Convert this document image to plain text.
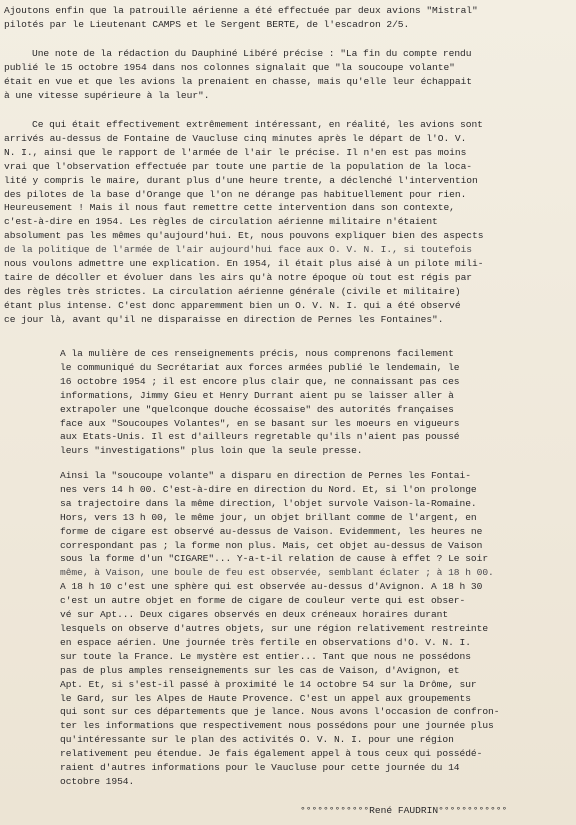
Ajoutons enfin que la patrouille aérienne a été effectuée par deux avions "Mistral"
pilotés par le Lieutenant CAMPS et le Sergent BERTE, de l'escadron 2/5.
Une note de la rédaction du Dauphiné Libéré précise : "La fin du compte rendu
publié le 15 octobre 1954 dans nos colonnes signalait que "la soucoupe volante"
était en vue et que les avions la prenaient en chasse, mais qu'elle leur échappait
à une vitesse supérieure à la leur".
Ce qui était effectivement extrêmement intéressant, en réalité, les avions sont
arrivés au-dessus de Fontaine de Vaucluse cinq minutes après le départ de l'O. V.
N. I., ainsi que le rapport de l'armée de l'air le précise. Il n'en est pas moins
vrai que l'observation effectuée par toute une partie de la population de la loca-
lité y compris le maire, durant plus d'une heure trente, a déclenché l'intervention
des pilotes de la base d'Orange que l'on ne dérange pas habituellement pour rien.
Heureusement ! Mais il nous faut remettre cette intervention dans son contexte,
c'est-à-dire en 1954. Les règles de circulation aérienne militaire n'étaient
absolument pas les mêmes qu'aujourd'hui. Et, nous pouvons expliquer bien des aspects
de la politique de l'armée de l'air aujourd'hui face aux O. V. N. I., si toutefois
nous voulons admettre une explication. En 1954, il était plus aisé à un pilote mili-
taire de décoller et évoluer dans les airs qu'à notre époque où tout est régis par
des règles très strictes. La circulation aérienne générale (civile et militaire)
étant plus intense. C'est donc apparemment bien un O. V. N. I. qui a été observé
ce jour là, avant qu'il ne disparaisse en direction de Pernes les Fontaines".
A la mulière de ces renseignements précis, nous comprenons facilement
le communiqué du Secrétariat aux forces armées publié le lendemain, le
16 octobre 1954 ; il est encore plus clair que, ne connaissant pas ces
informations, Jimmy Gieu et Henry Durrant aient pu se laisser aller à
extrapoler une "quelconque douche écossaise" des autorités françaises
face aux "Soucoupes Volantes", en se basant sur les moeurs en vigueurs
aux Etats-Unis. Il est d'ailleurs regretable qu'ils n'aient pas poussé
leurs "investigations" plus loin que la seule presse.
Ainsi la "soucoupe volante" a disparu en direction de Pernes les Fontai-
nes vers 14 h 00. C'est-à-dire en direction du Nord. Et, si l'on prolonge
sa trajectoire dans la même direction, l'objet survole Vaison-la-Romaine.
Hors, vers 13 h 00, le même jour, un objet brillant comme de l'argent, en
forme de cigare est observé au-dessus de Vaison. Evidemment, les heures ne
correspondant pas ; la forme non plus. Mais, cet objet au-dessus de Vaison
sous la forme d'un "CIGARE"... Y-a-t-il relation de cause à effet ? Le soir
même, à Vaison, une boule de feu est observée, semblant éclater ; à 18 h 00.
A 18 h 10 c'est une sphère qui est observée au-dessus d'Avignon. A 18 h 30
c'est un autre objet en forme de cigare de couleur verte qui est obser-
vé sur Apt... Deux cigares observés en deux créneaux horaires durant
lesquels on observe d'autres objets, sur une région relativement restreinte
en espace aérien. Une journée très fertile en observations d'O. V. N. I.
sur toute la France. Le mystère est entier... Tant que nous ne possédons
pas de plus amples renseignements sur les cas de Vaison, d'Avignon, et
Apt. Et, si s'est-il passé à proximité le 14 octobre 54 sur la Drôme, sur
le Gard, sur les Alpes de Haute Provence. C'est un appel aux groupements
qui sont sur ces départements que je lance. Nous avons l'occasion de confron-
ter les informations que respectivement nous possédons pour une journée plus
qu'intéressante sur le plan des activités O. V. N. I. pour une région
relativement peu étendue. Je fais également appel à tous ceux qui possédé-
raient d'autres informations pour le Vaucluse pour cette journée du 14
octobre 1954.
°°°°°°°°°°°°René FAUDRIN°°°°°°°°°°°°
